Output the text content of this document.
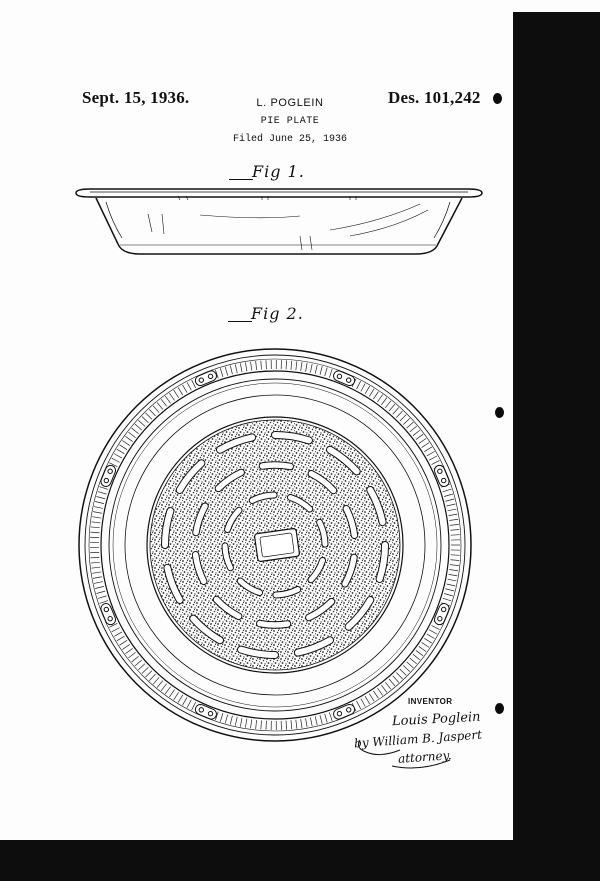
Sept. 15, 1936.	L. POGLEIN	Des. 101,242
PIE PLATE
Filed June 25, 1936
Fig 1.
Fig 2.
INVENTOR
Louis Poglein
by William B. Jaspert
attorney.
